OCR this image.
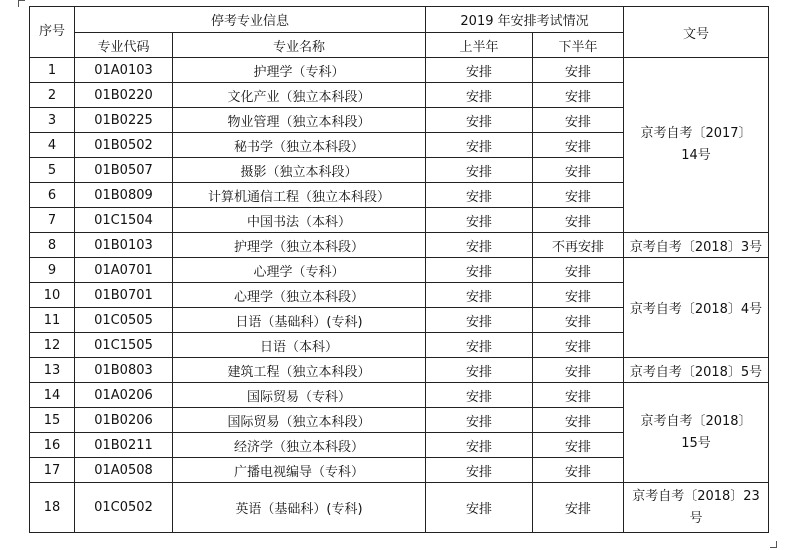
序号	停考专业信息		2019 年安排考试情况		文号
	专业代码	专业名称	上半年	下半年	
1	01A0103	护理学（专科）	安排	安排	京考自考〔2017〕14号
2	01B0220	文化产业（独立本科段）	安排	安排	
3	01B0225	物业管理（独立本科段）	安排	安排	
4	01B0502	秘书学（独立本科段）	安排	安排	
5	01B0507	摄影（独立本科段）	安排	安排	
6	01B0809	计算机通信工程（独立本科段）	安排	安排	
7	01C1504	中国书法（本科）	安排	安排	
8	01B0103	护理学（独立本科段）	安排	不再安排	京考自考〔2018〕3号
9	01A0701	心理学（专科）	安排	安排	京考自考〔2018〕4号
10	01B0701	心理学（独立本科段）	安排	安排	
11	01C0505	日语（基础科）(专科)	安排	安排	
12	01C1505	日语（本科）	安排	安排	
13	01B0803	建筑工程（独立本科段）	安排	安排	京考自考〔2018〕5号
14	01A0206	国际贸易（专科）	安排	安排	京考自考〔2018〕15号
15	01B0206	国际贸易（独立本科段）	安排	安排	
16	01B0211	经济学（独立本科段）	安排	安排	
17	01A0508	广播电视编导（专科）	安排	安排	
18	01C0502	英语（基础科）(专科)	安排	安排	京考自考〔2018〕23号
